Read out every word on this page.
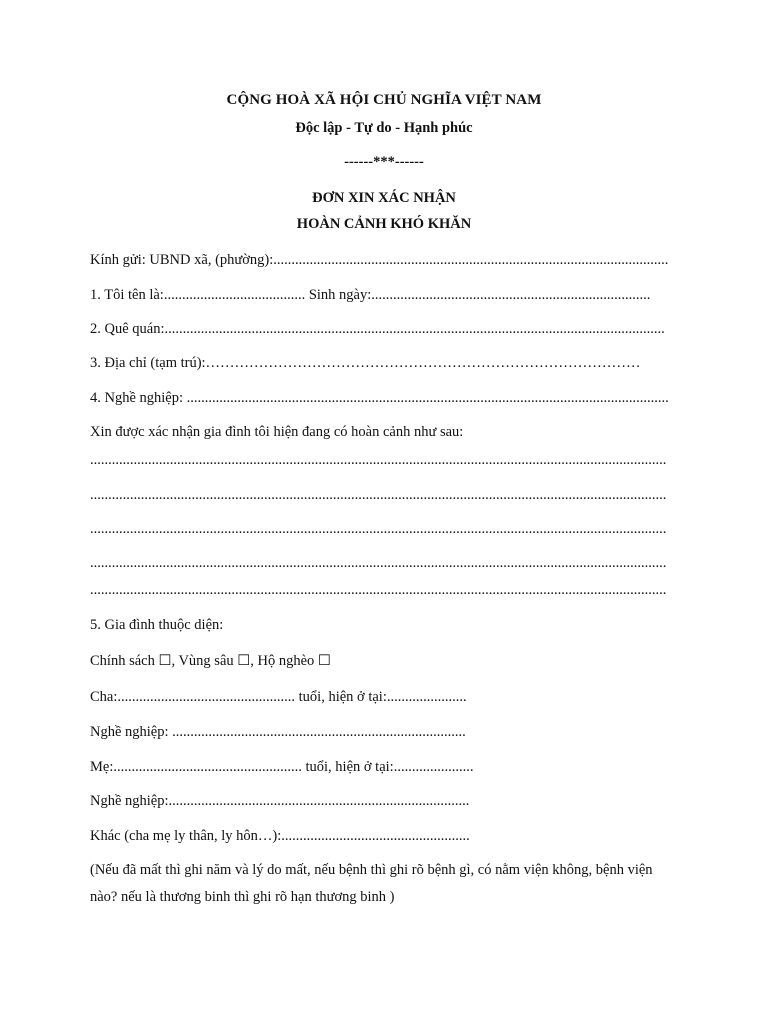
CỘNG HOÀ XÃ HỘI CHỦ NGHĨA VIỆT NAM
Độc lập - Tự do - Hạnh phúc
------***------
ĐƠN XIN XÁC NHẬN
HOÀN CẢNH KHÓ KHĂN
Kính gửi: UBND xã, (phường):.............................................................................................................
1. Tôi tên là:....................................... Sinh ngày:.............................................................................
2. Quê quán:..........................................................................................................................................
3. Địa chỉ (tạm trú):………………………………………………………………………………
4. Nghề nghiệp: .....................................................................................................................................
Xin được xác nhận gia đình tôi hiện đang có hoàn cảnh như sau:
...............................................................................................................................................................
...............................................................................................................................................................
...............................................................................................................................................................
...............................................................................................................................................................
...............................................................................................................................................................
5. Gia đình thuộc diện:
Chính sách ☐, Vùng sâu ☐, Hộ nghèo ☐
Cha:................................................. tuổi, hiện ở tại:......................
Nghề nghiệp: .................................................................................
Mẹ:.................................................... tuổi, hiện ở tại:......................
Nghề nghiệp:...................................................................................
Khác (cha mẹ ly thân, ly hôn…):....................................................
(Nếu đã mất thì ghi năm và lý do mất, nếu bệnh thì ghi rõ bệnh gì, có nằm viện không, bệnh viện
nào? nếu là thương binh thì ghi rõ hạn thương binh )
